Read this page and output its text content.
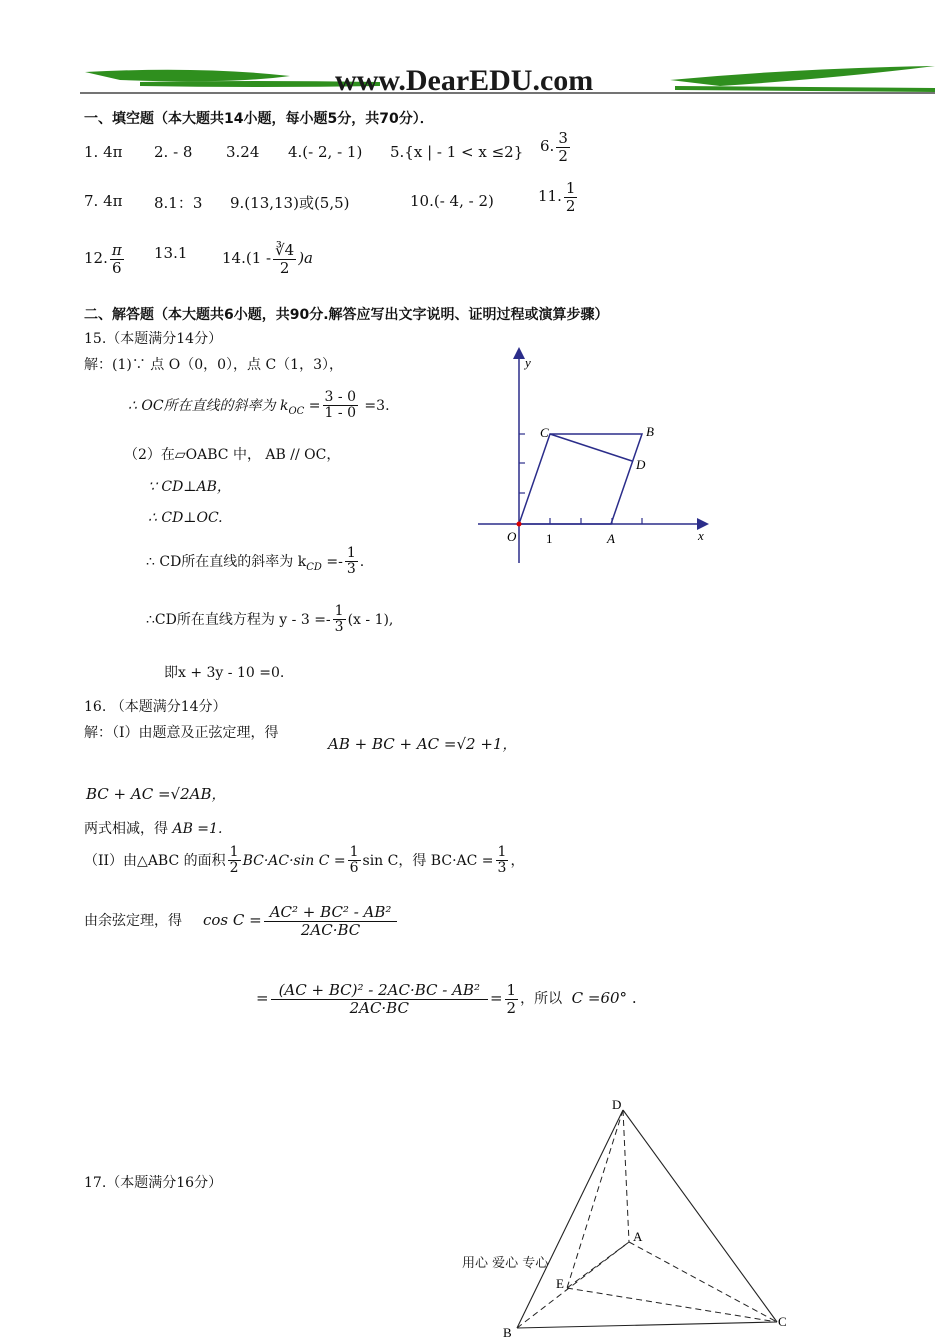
www.DearEDU.com
一、填空题（本大题共14小题，每小题5分，共70分）．
1. 4π 2. - 8 3.24 4.(- 2, - 1) 5.{x | - 1 < x ≤2} 6. $\frac{3}{2}$
7. 4π 8.1：3 9.(13,13)或(5,5)	10.(- 4, - 2)	11. $\frac{1}{2}$
12. $\frac{\pi}{6} 13.1$ $14.(1 - \frac{∛4}{2} )a$
二、解答题（本大题共6小题，共90分.解答应写出文字说明、证明过程或演算步骤）
15.（本题满分14分）
解：(1)∵ 点 O（0，0），点 C（1，3），
∴ OC所在直线的斜率为 $k_{OC} = \frac{3 - 0}{1 - 0} =3$.
（2）在▱OABC 中， AB // OC，
∵ CD⊥AB，
∴ CD⊥OC.
∴ CD所在直线的斜率为 $k_{CD} =- \frac{1}{3}$ .
∴CD所在直线方程为 $y - 3 =- \frac{1}{3} (x - 1)$,
即x + 3y - 10 =0.
y
x
O 1	A
B
C
D
16. （本题满分14分）
解：（I）由题意及正弦定理，得
AB + BC + AC =√2 +1，
BC + AC =√2AB，
两式相减，得 AB =1.
（II）由△ABC 的面积 $\frac{1}{2} BC\cdot AC\cdot\sin$ $C = \frac{1}{6}$ sin C，得 $BC\cdot AC = \frac{1}{3}$ ，
由余弦定理，得 $\cos C = \frac{\text{AC² + BC² - AB²}}{2AC\cdot BC}$
= $\frac{\text{(AC + BC)² - 2AC·BC - AB²}}{2AC\cdot BC} = \frac{1}{2}$ ，所以 C =60° .
17.（本题满分16分）
D
A
E
B
C
用心 爱心 专心
